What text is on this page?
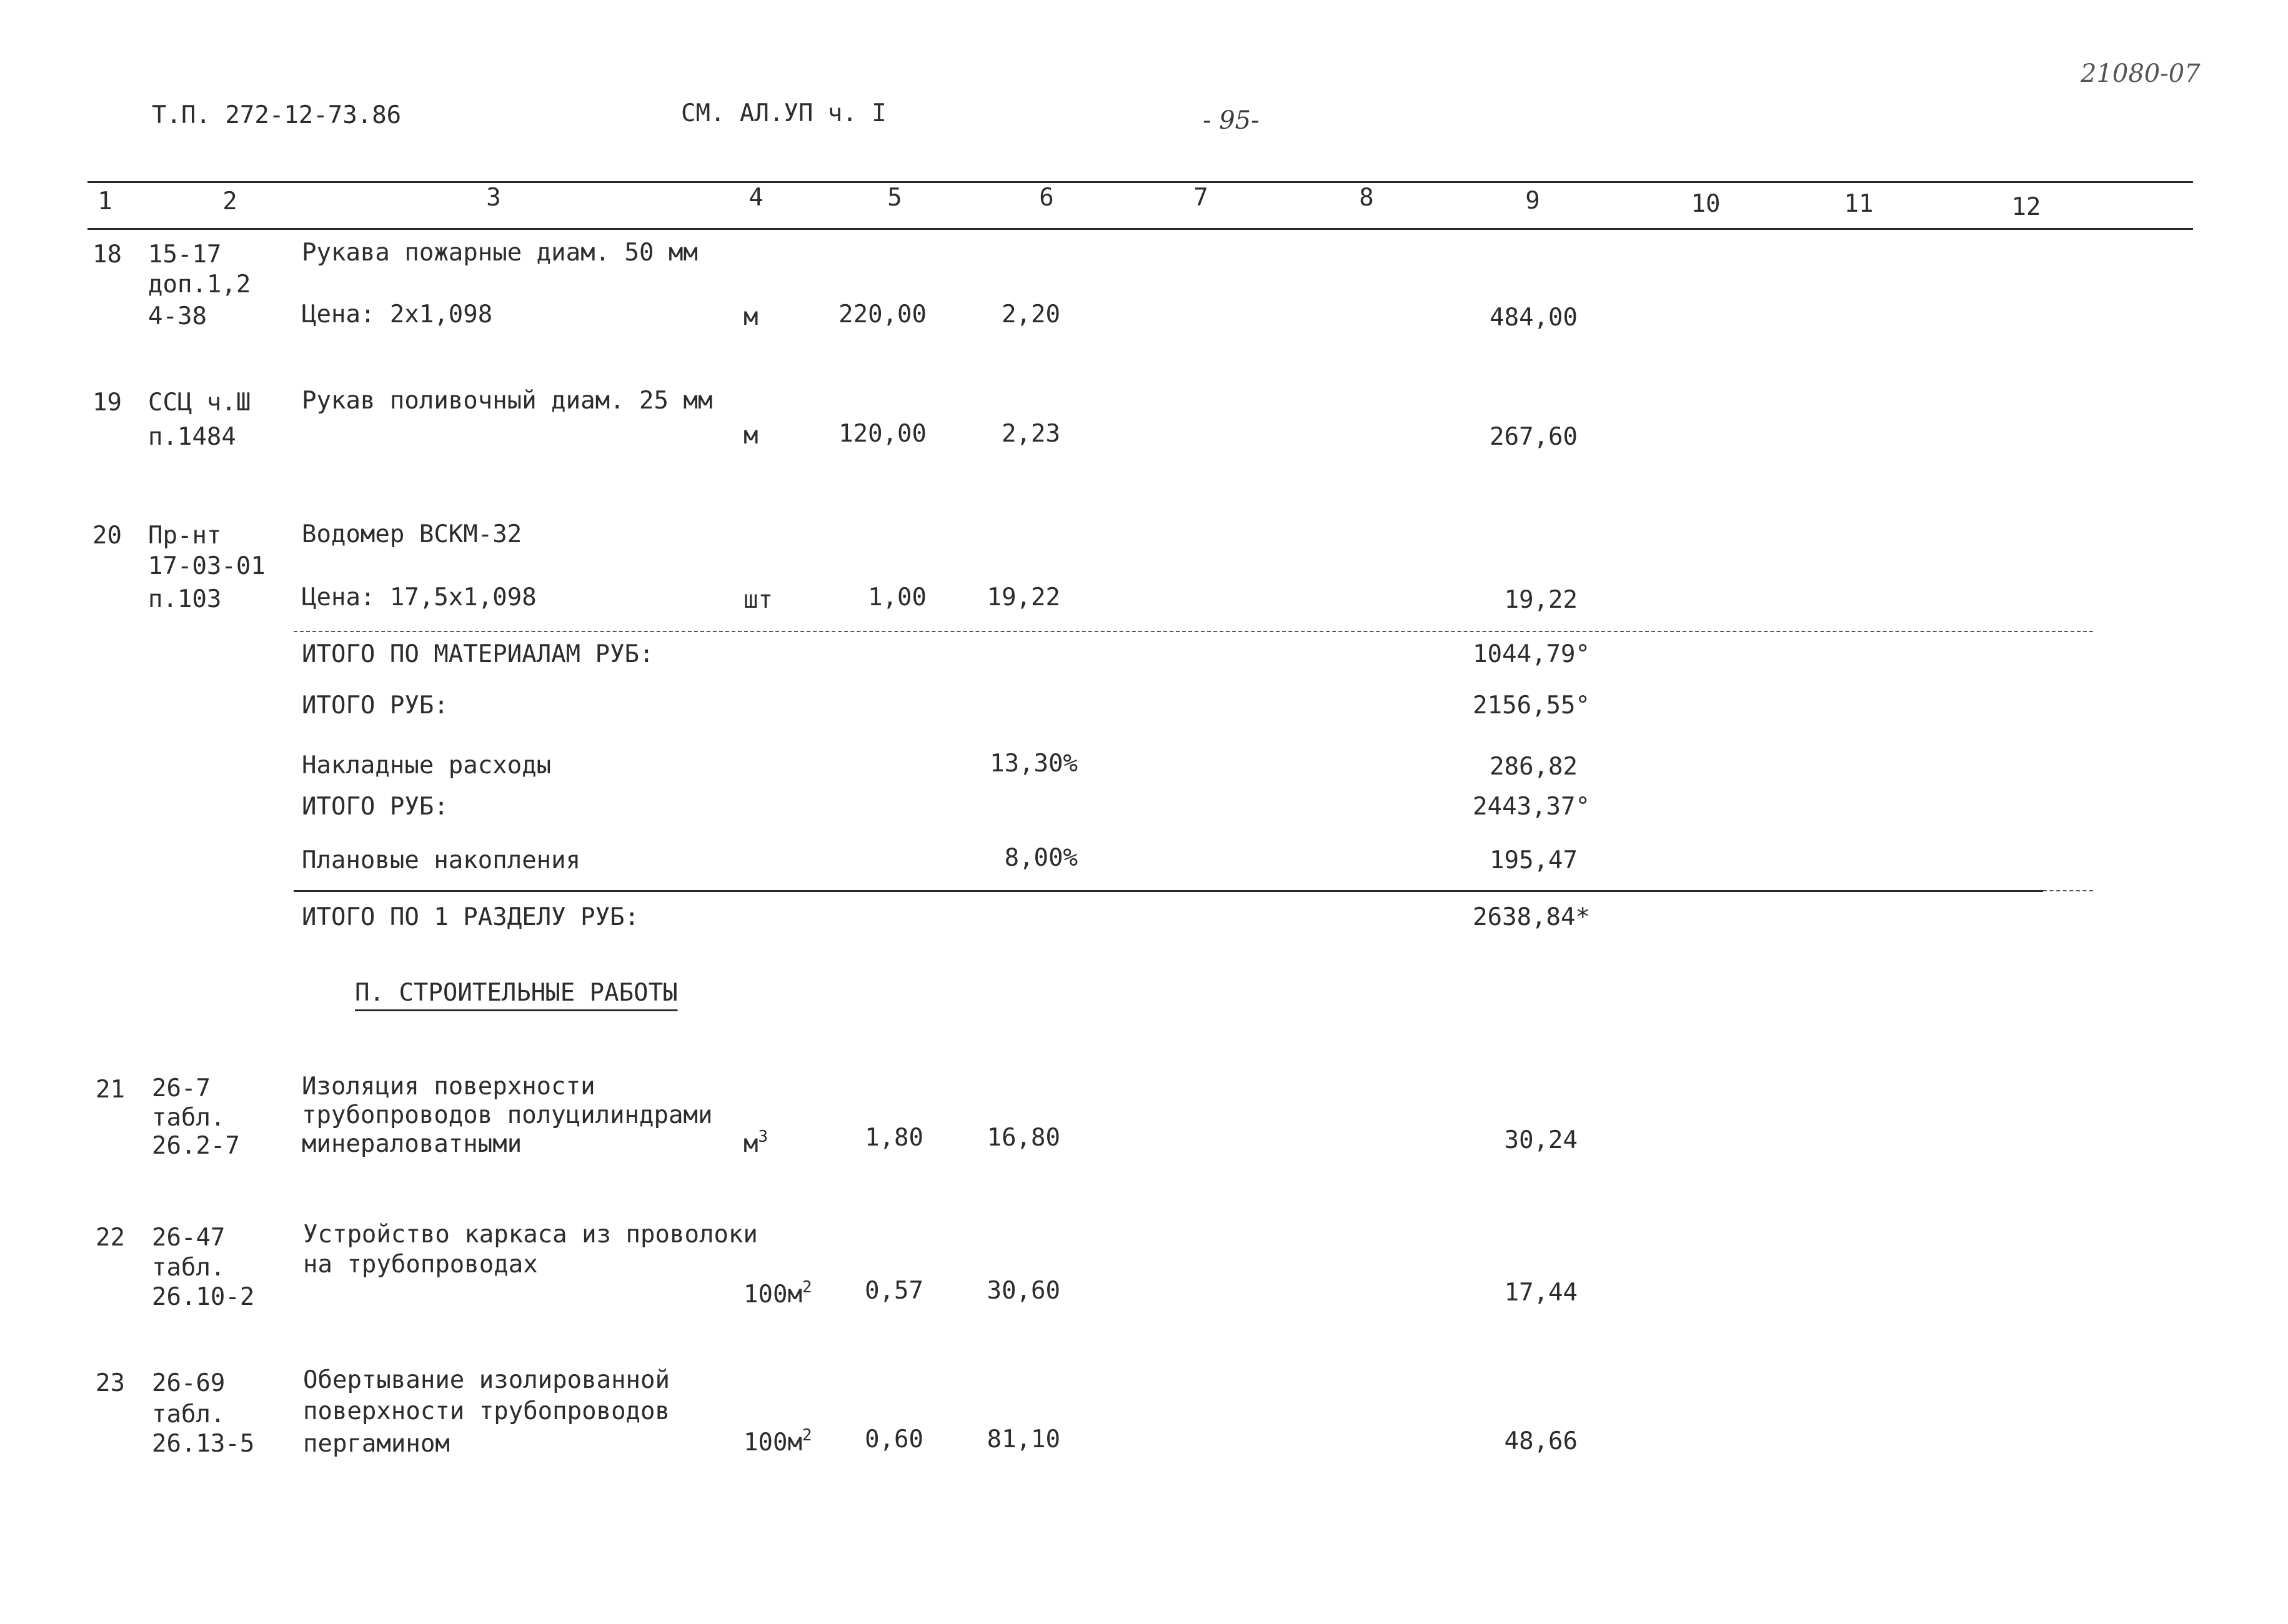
Т.П. 272-12-73.86	СМ. АЛ.УП ч. I	- 95-
21080-07
1	2	3	4	5	6	7	8	9	10	11	12
18 15-17
доп.1,2
4-38
Рукава пожарные диам. 50 мм
Цена: 2x1,098	м	220,00	2,20	484,00
19 ССЦ ч.Ш
п.1484
Рукав поливочный диам. 25 мм
м	120,00	2,23	267,60
20 Пр-нт
17-03-01
п.103
Водомер ВСКМ-32
Цена: 17,5x1,098	шт	1,00 19,22	19,22
ИТОГО ПО МАТЕРИАЛАМ РУБ:	1044,79°
ИТОГО РУБ:	2156,55°
Накладные расходы	13,30%	286,82
ИТОГО РУБ:	2443,37°
Плановые накопления	8,00%	195,47
ИТОГО ПО 1 РАЗДЕЛУ РУБ:	2638,84*
П. СТРОИТЕЛЬНЫЕ РАБОТЫ
21 26-7
табл.
26.2-7
Изоляция поверхности
трубопроводов полуцилиндрами
минераловатными	$м^3$	1,80	16,80	30,24
22 26-47
табл.
26.10-2
Устройство каркаса из проволоки
на трубопроводах
$100м^2$ 0,57	30,60	17,44
23 26-69
табл.
26.13-5
Обертывание изолированной
поверхности трубопроводов
пергамином	$100м^2$ 0,60	81,10	48,66
